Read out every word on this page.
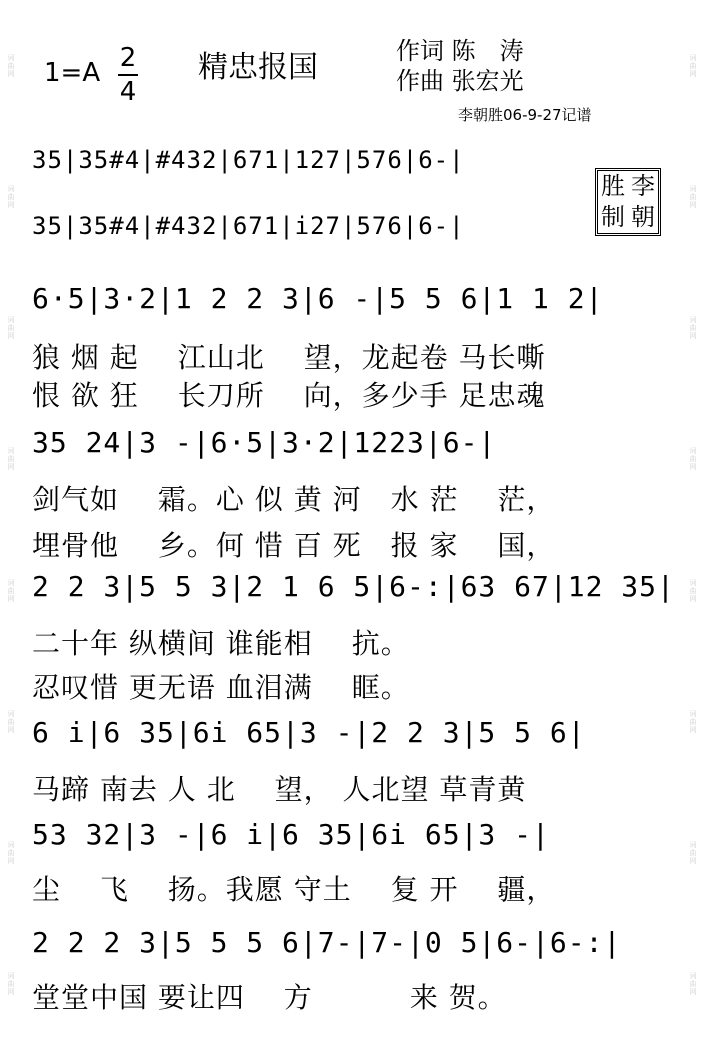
词曲网
词曲网
词曲网
词曲网
词曲网
词曲网
词曲网
词曲网
词曲网
词曲网
词曲网
词曲网
词曲网
词曲网
词曲网
词曲网
1=A 2
4
精忠报国	作词 陈　涛
作曲 张宏光
李朝胜06-9-27记谱
胜 李
制 朝
35|35#4|#432|671|127|576|6-|
35|35#4|#432|671|i27|576|6-|
6·5|3·2|1 2 2 3|6 -|5 5 6|1 1 2|
狼 烟 起　 江山北　 望，龙起卷 马长嘶
恨 欲 狂　 长刀所　 向，多少手 足忠魂
35 24|3 -|6·5|3·2|1223|6-|
剑气如　 霜。心 似 黄 河　水 茫　 茫，
埋骨他　 乡。何 惜 百 死　报 家　 国，
2 2 3|5 5 3|2 1 6 5|6-:|63 67|12 35|
二十年 纵横间 谁能相　 抗。
忍叹惜 更无语 血泪满　 眶。
6 i|6 35|6i 65|3 -|2 2 3|5 5 6|
马蹄 南去 人 北　 望， 人北望 草青黄
53 32|3 -|6 i|6 35|6i 65|3 -|
尘　 飞　 扬。我愿 守土　 复 开　 疆，
2 2 2 3|5 5 5 6|7-|7-|0 5|6-|6-:|
堂堂中国 要让四　 方　　　 来 贺。
